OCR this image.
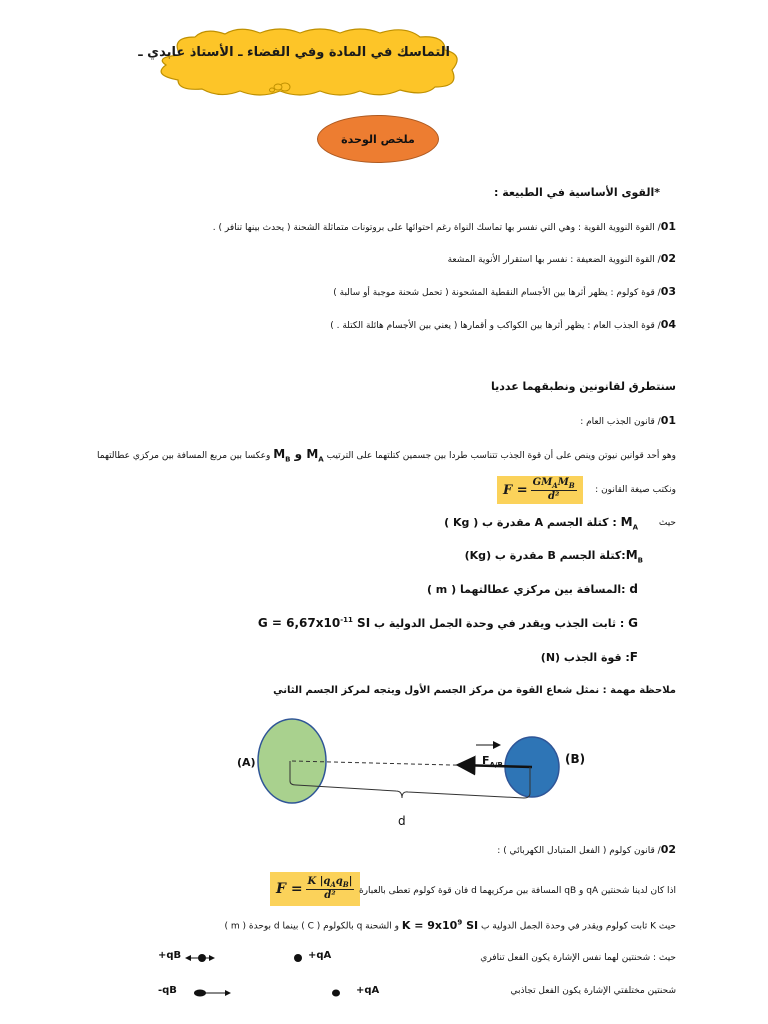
التماسك في المادة وفي الفضاء ـ الأستاذ عابدي ـ
ملخص الوحدة
*القوى الأساسية في الطبيعة :
01/ القوة النووية القوية : وهي التي نفسر بها تماسك النواة رغم احتوائها على بروتونات متماثلة الشحنة ( يحدث بينها تنافر ) .
02/ القوة النووية الضعيفة : نفسر بها استقرار الأنوية المشعة
03/ قوة كولوم : يظهر أثرها بين الأجسام النقطية المشحونة ( تحمل شحنة موجبة أو سالبة )
04/ قوة الجذب العام : يظهر أثرها بين الكواكب و أقمارها ( يعني بين الأجسام هائلة الكتلة . )
سنتطرق لقانونين ونطبقهما عدديا
01/ قانون الجذب العام :
وهو أحد قوانين نيوتن وينص على أن قوة الجذب تتناسب طردا بين جسمين كتلتهما على الترتيب $M_A$ و $M_B$ وعكسا بين مربع المسافة بين مركزي عطالتهما
ونكتب صيغة القانون :
$F = \frac{GM_AM_B}{\text{d²}}$
حيث
$M_A$ : كتلة الجسم A مقدرة ب ( Kg )
$M_B:كتلة$ الجسم B مقدرة ب (Kg)
d :المسافة بين مركزي عطالتهما ( m )
G : ثابت الجذب ويقدر في وحدة الجمل الدولية ب $G = 6,67x10^{-11}$ SI
F: قوة الجذب (N)
ملاحظة مهمة : نمثل شعاع القوة من مركز الجسم الأول ويتجه لمركز الجسم الثاني
(A)	(B)
$F_{A/B}$
d
02/ قانون كولوم ( الفعل المتبادل الكهربائي ) :
$F = \frac{K |q_Aq_B|}{\text{d²}}$ اذا كان لدينا شحنتين qA و qB المسافة بين مركزيهما d فان قوة كولوم تعطى بالعبارة
حيث K ثابت كولوم ويقدر في وحدة الجمل الدولية ب $K = 9x10^9$ SI و الشحنة q بالكولوم ( C ) بينما d بوحدة ( m )
حيث : شحنتين لهما نفس الإشارة يكون الفعل تنافري
شحنتين مختلفتي الإشارة يكون الفعل تجاذبي
+qB	+qA
-qB	+qA
